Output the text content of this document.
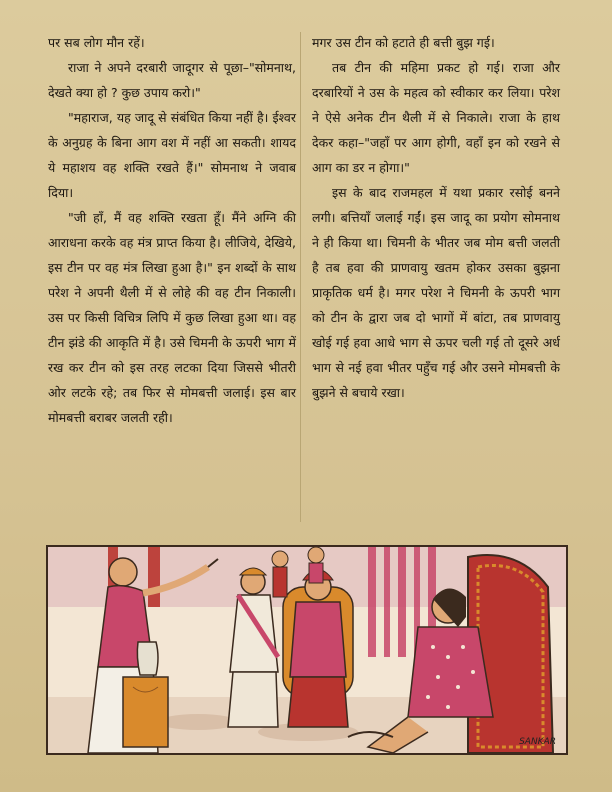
पर सब लोग मौन रहें।

राजा ने अपने दरबारी जादूगर से पूछा–"सोमनाथ, देखते क्या हो ? कुछ उपाय करो।"

"महाराज, यह जादू से संबंधित किया नहीं है। ईश्वर के अनुग्रह के बिना आग वश में नहीं आ सकती। शायद ये महाशय वह शक्ति रखते हैं।" सोमनाथ ने जवाब दिया।

"जी हाँ, मैं वह शक्ति रखता हूँ। मैंने अग्नि की आराधना करके वह मंत्र प्राप्त किया है। लीजिये, देखिये, इस टीन पर वह मंत्र लिखा हुआ है।" इन शब्दों के साथ परेश ने अपनी थैली में से लोहे की वह टीन निकाली। उस पर किसी विचित्र लिपि में कुछ लिखा हुआ था। वह टीन झंडे की आकृति में है। उसे चिमनी के ऊपरी भाग में रख कर टीन को इस तरह लटका दिया जिससे भीतरी ओर लटके रहे; तब फिर से मोमबत्ती जलाई। इस बार मोमबत्ती बराबर जलती रही।

मगर उस टीन को हटाते ही बत्ती बुझ गई।

तब टीन की महिमा प्रकट हो गई। राजा और दरबारियों ने उस के महत्व को स्वीकार कर लिया। परेश ने ऐसे अनेक टीन थैली में से निकाले। राजा के हाथ देकर कहा–"जहाँ पर आग होगी, वहाँ इन को रखने से आग का डर न होगा।"

इस के बाद राजमहल में यथा प्रकार रसोई बनने लगी। बत्तियाँ जलाई गईं। इस जादू का प्रयोग सोमनाथ ने ही किया था। चिमनी के भीतर जब मोम बत्ती जलती है तब हवा की प्राणवायु खतम होकर उसका बुझना प्राकृतिक धर्म है। मगर परेश ने चिमनी के ऊपरी भाग को टीन के द्वारा जब दो भागों में बांटा, तब प्राणवायु खोई गई हवा आधे भाग से ऊपर चली गई तो दूसरे अर्ध भाग से नई हवा भीतर पहुँच गई और उसने मोमबत्ती के बुझने से बचाये रखा।

SANKAR
